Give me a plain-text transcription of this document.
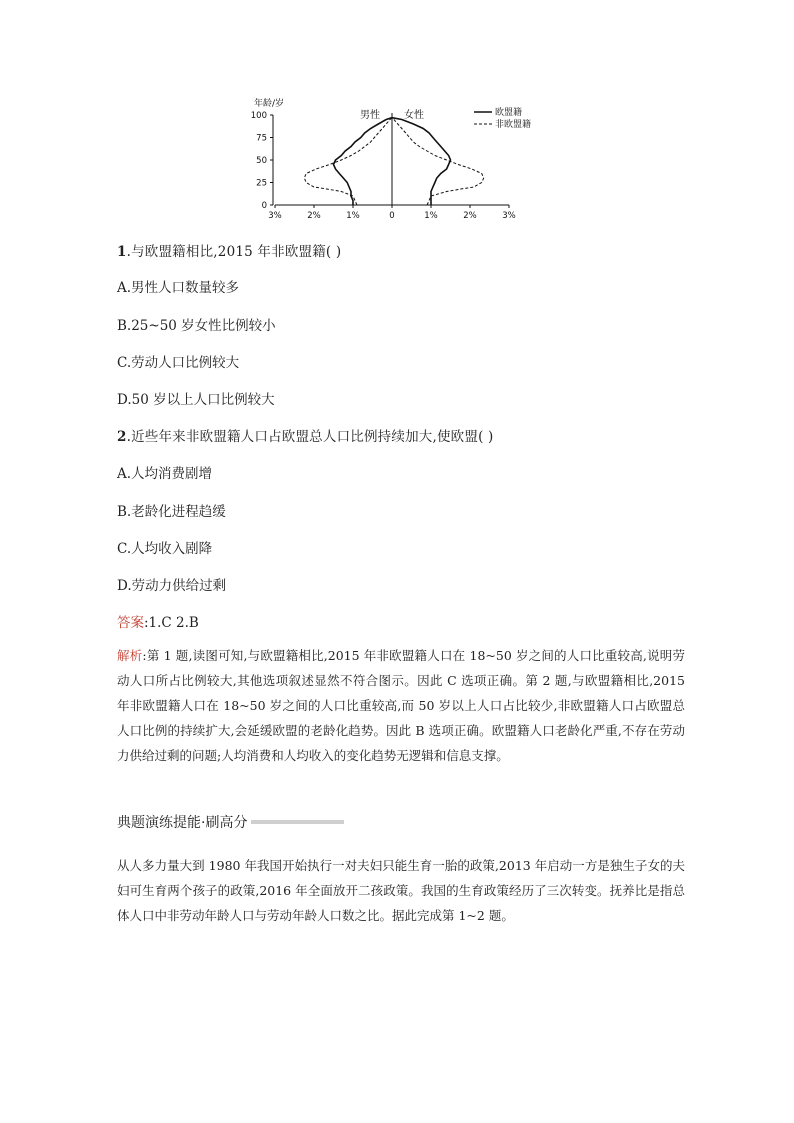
年龄/岁
男性 女性
0
25
50
75
100
3%	2%	1%	0	1%	2%	3%
欧盟籍
非欧盟籍
1.与欧盟籍相比,2015 年非欧盟籍( )
A.男性人口数量较多
B.25~50 岁女性比例较小
C.劳动人口比例较大
D.50 岁以上人口比例较大
2.近些年来非欧盟籍人口占欧盟总人口比例持续加大,使欧盟( )
A.人均消费剧增
B.老龄化进程趋缓
C.人均收入剧降
D.劳动力供给过剩
答案:1.C 2.B
解析:第 1 题,读图可知,与欧盟籍相比,2015 年非欧盟籍人口在 18~50 岁之间的人口比重较高,说明劳动人口所占比例较大,其他选项叙述显然不符合图示。因此 C 选项正确。第 2 题,与欧盟籍相比,2015 年非欧盟籍人口在 18~50 岁之间的人口比重较高,而 50 岁以上人口占比较少,非欧盟籍人口占欧盟总人口比例的持续扩大,会延缓欧盟的老龄化趋势。因此 B 选项正确。欧盟籍人口老龄化严重,不存在劳动力供给过剩的问题;人均消费和人均收入的变化趋势无逻辑和信息支撑。
典题演练提能 ·刷高分
从人多力量大到 1980 年我国开始执行一对夫妇只能生育一胎的政策,2013 年启动一方是独生子女的夫妇可生育两个孩子的政策,2016 年全面放开二孩政策。我国的生育政策经历了三次转变。抚养比是指总体人口中非劳动年龄人口与劳动年龄人口数之比。据此完成第 1~2 题。
